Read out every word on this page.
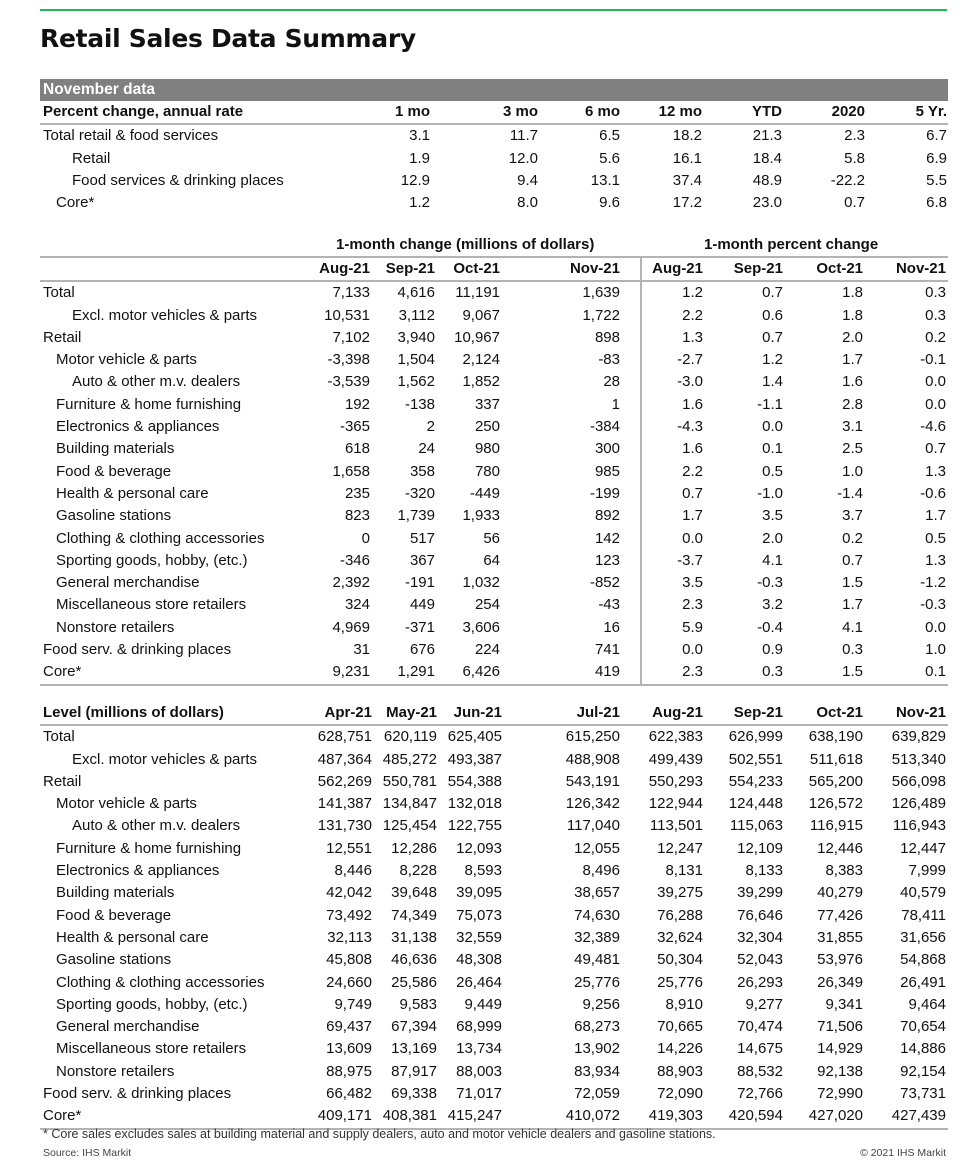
Retail Sales Data Summary
November data
Percent change, annual rate	1 mo	3 mo	6 mo	12 mo	YTD	2020	5 Yr.
Total retail & food services	3.1	11.7	6.5	18.2	21.3	2.3	6.7
Retail	1.9	12.0	5.6	16.1	18.4	5.8	6.9
Food services & drinking places	12.9	9.4	13.1	37.4	48.9	-22.2	5.5
Core*	1.2	8.0	9.6	17.2	23.0	0.7	6.8
1-month change (millions of dollars)	1-month percent change
Aug-21 Sep-21 Oct-21	Nov-21 Aug-21 Sep-21 Oct-21 Nov-21
Total	7,133 4,616 11,191	1,639	1.2	0.7	1.8	0.3
Excl. motor vehicles & parts	10,531 3,112 9,067	1,722	2.2	0.6	1.8	0.3
Retail	7,102 3,940 10,967	898	1.3	0.7	2.0	0.2
Motor vehicle & parts	-3,398 1,504 2,124	-83	-2.7	1.2	1.7	-0.1
Auto & other m.v. dealers	-3,539 1,562 1,852	28	-3.0	1.4	1.6	0.0
Furniture & home furnishing	192 -138	337	1	1.6	-1.1	2.8	0.0
Electronics & appliances	-365	2	250	-384	-4.3	0.0	3.1	-4.6
Building materials	618	24	980	300	1.6	0.1	2.5	0.7
Food & beverage	1,658	358	780	985	2.2	0.5	1.0	1.3
Health & personal care	235 -320 -449	-199	0.7	-1.0	-1.4	-0.6
Gasoline stations	823 1,739 1,933	892	1.7	3.5	3.7	1.7
Clothing & clothing accessories	0	517	56	142	0.0	2.0	0.2	0.5
Sporting goods, hobby, (etc.)	-346	367	64	123	-3.7	4.1	0.7	1.3
General merchandise	2,392 -191 1,032	-852	3.5	-0.3	1.5	-1.2
Miscellaneous store retailers	324	449	254	-43	2.3	3.2	1.7	-0.3
Nonstore retailers	4,969 -371 3,606	16	5.9	-0.4	4.1	0.0
Food serv. & drinking places	31	676	224	741	0.0	0.9	0.3	1.0
Core*	9,231 1,291 6,426	419	2.3	0.3	1.5	0.1
Level (millions of dollars)	Apr-21 May-21 Jun-21	Jul-21 Aug-21 Sep-21 Oct-21 Nov-21
Total	628,751 620,119 625,405	615,250 622,383 626,999 638,190 639,829
Excl. motor vehicles & parts	487,364 485,272 493,387	488,908 499,439 502,551 511,618 513,340
Retail	562,269 550,781 554,388	543,191 550,293 554,233 565,200 566,098
Motor vehicle & parts	141,387 134,847 132,018	126,342 122,944 124,448 126,572 126,489
Auto & other m.v. dealers	131,730 125,454 122,755	117,040 113,501 115,063 116,915 116,943
Furniture & home furnishing	12,551 12,286 12,093	12,055 12,247 12,109 12,446 12,447
Electronics & appliances	8,446 8,228 8,593	8,496	8,131	8,133	8,383	7,999
Building materials	42,042 39,648 39,095	38,657 39,275 39,299 40,279 40,579
Food & beverage	73,492 74,349 75,073	74,630 76,288 76,646 77,426	78,411
Health & personal care	32,113 31,138 32,559	32,389 32,624 32,304 31,855 31,656
Gasoline stations	45,808 46,636 48,308	49,481 50,304 52,043 53,976 54,868
Clothing & clothing accessories	24,660 25,586 26,464	25,776 25,776 26,293 26,349 26,491
Sporting goods, hobby, (etc.)	9,749 9,583 9,449	9,256	8,910	9,277	9,341	9,464
General merchandise	69,437 67,394 68,999	68,273 70,665 70,474 71,506 70,654
Miscellaneous store retailers	13,609 13,169 13,734	13,902 14,226 14,675 14,929 14,886
Nonstore retailers	88,975 87,917 88,003	83,934 88,903 88,532 92,138 92,154
Food serv. & drinking places	66,482 69,338 71,017	72,059 72,090 72,766 72,990 73,731
Core*	409,171 408,381 415,247	410,072 419,303 420,594 427,020 427,439
* Core sales excludes sales at building material and supply dealers, auto and motor vehicle dealers and gasoline stations.
Source: IHS Markit	© 2021 IHS Markit
